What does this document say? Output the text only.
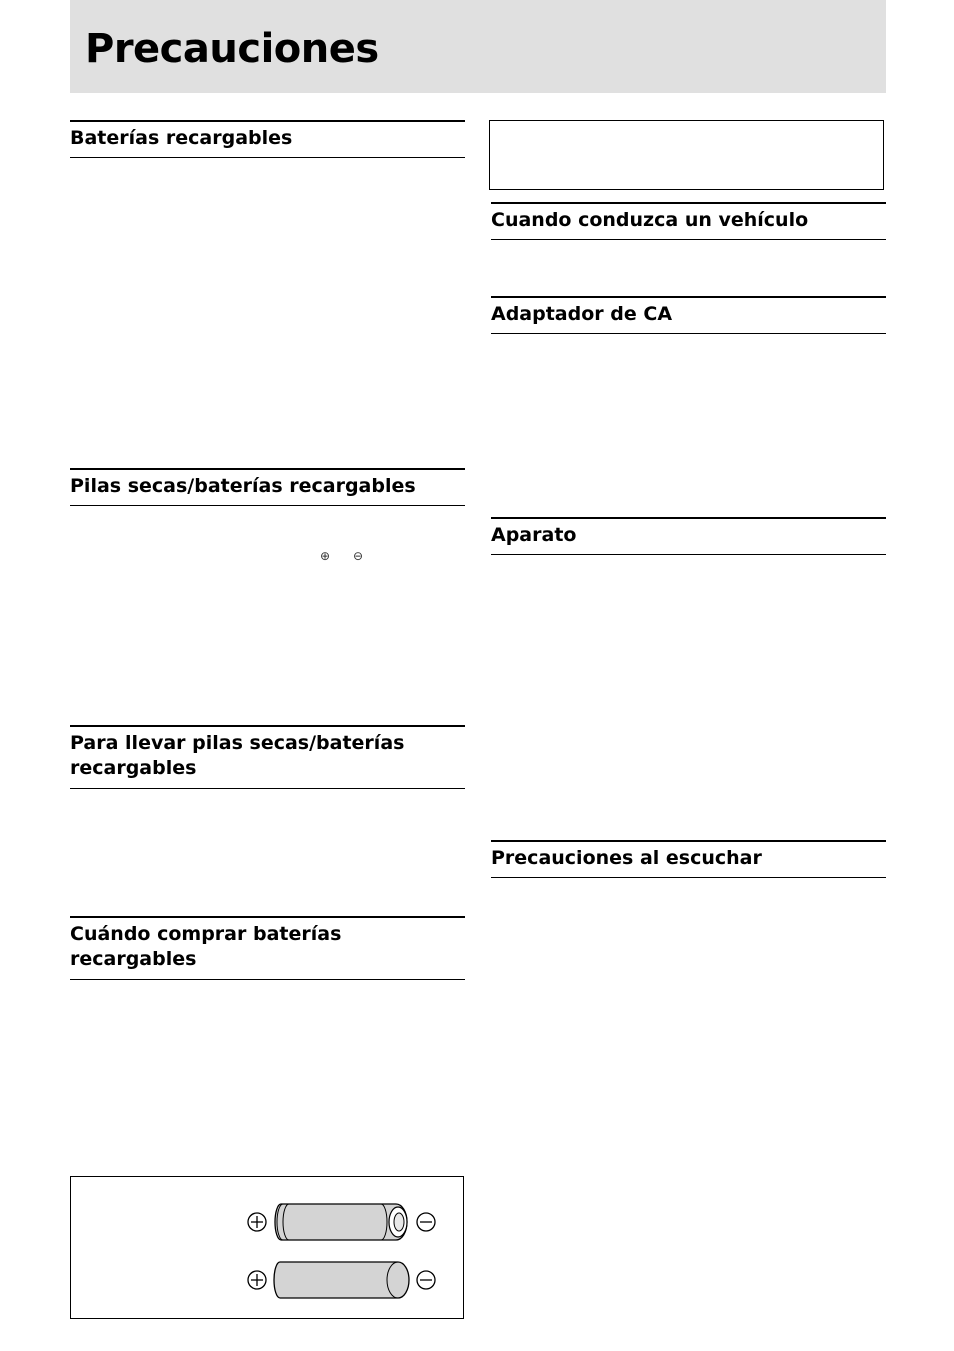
Precauciones
Baterías recargables
Pilas secas/baterías recargables
⊕ ⊖
Para llevar pilas secas/baterías recargables
Cuándo comprar baterías recargables
Cuando conduzca un vehículo
Adaptador de CA
Aparato
Precauciones al escuchar
